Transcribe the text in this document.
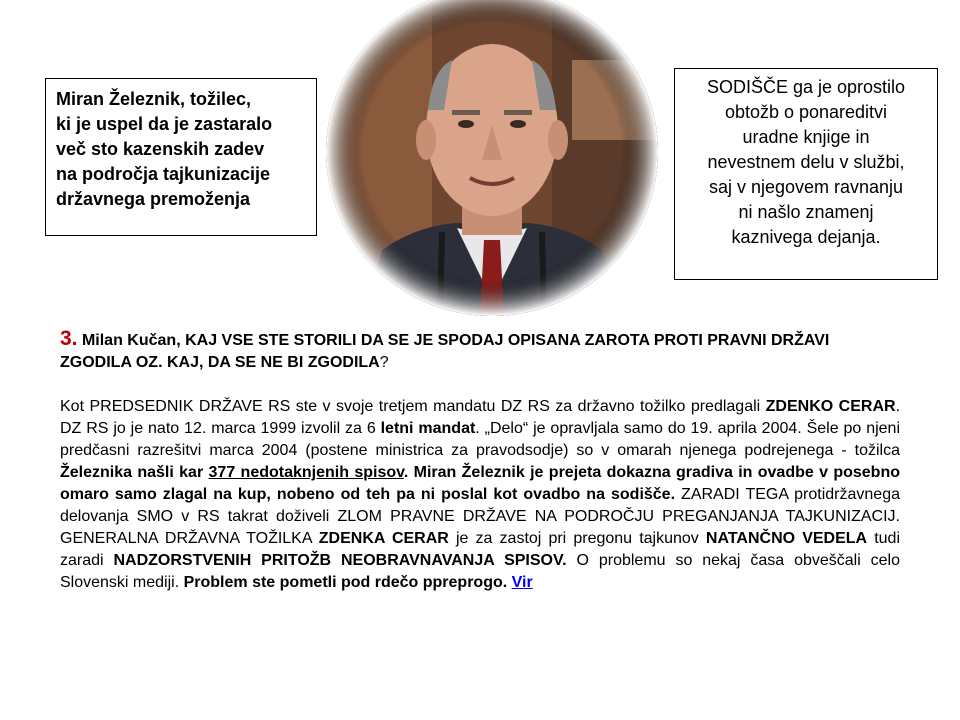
Miran Železnik, tožilec,
ki je uspel da je zastaralo
več sto kazenskih zadev
na področja tajkunizacije
državnega premoženja
SODIŠČE ga je oprostilo
obtožb o ponareditvi
uradne knjige in
nevestnem delu v službi,
saj v njegovem ravnanju
ni našlo znamenj
kaznivega dejanja.
3. Milan Kučan, KAJ VSE STE STORILI DA SE JE SPODAJ OPISANA ZAROTA PROTI PRAVNI DRŽAVI ZGODILA OZ. KAJ, DA SE NE BI ZGODILA?

Kot PREDSEDNIK DRŽAVE RS ste v svoje tretjem mandatu DZ RS za državno tožilko predlagali ZDENKO CERAR. DZ RS jo je nato 12. marca 1999 izvolil za 6 letni mandat. „Delo“ je opravljala samo do 19. aprila 2004. Šele po njeni predčasni razrešitvi marca 2004 (postene ministrica za pravodsodje) so v omarah njenega podrejenega - tožilca Železnika našli kar 377 nedotaknjenih spisov. Miran Železnik je prejeta dokazna gradiva in ovadbe v posebno omaro samo zlagal na kup, nobeno od teh pa ni poslal kot ovadbo na sodišče. ZARADI TEGA protidržavnega delovanja SMO v RS takrat doživeli ZLOM PRAVNE DRŽAVE NA PODROČJU PREGANJANJA TAJKUNIZACIJ. GENERALNA DRŽAVNA TOŽILKA ZDENKA CERAR je za zastoj pri pregonu tajkunov NATANČNO VEDELA tudi zaradi NADZORSTVENIH PRITOŽB NEOBRAVNAVANJA SPISOV. O problemu so nekaj časa obveščali celo Slovenski mediji. Problem ste pometli pod rdečo ppreprogo. Vir
